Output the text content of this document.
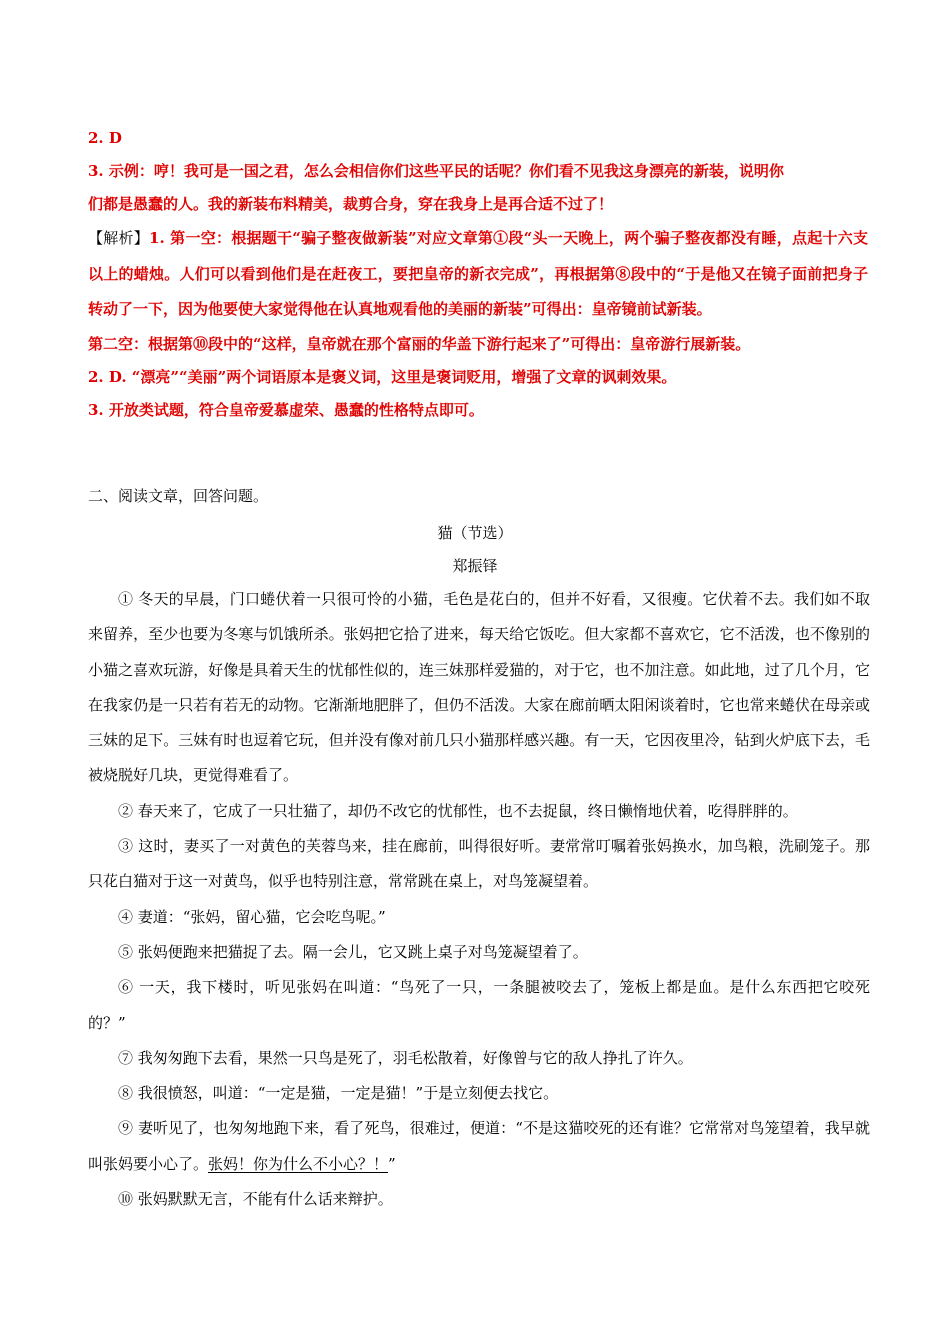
2. D
3. 示例：哼！我可是一国之君，怎么会相信你们这些平民的话呢？你们看不见我这身漂亮的新装，说明你
们都是愚蠢的人。我的新装布料精美，裁剪合身，穿在我身上是再合适不过了！
【解析】1. 第一空：根据题干“骗子整夜做新装”对应文章第①段“头一天晚上，两个骗子整夜都没有睡，点起十六支以上的蜡烛。人们可以看到他们是在赶夜工，要把皇帝的新衣完成”，再根据第⑧段中的“于是他又在镜子面前把身子转动了一下，因为他要使大家觉得他在认真地观看他的美丽的新装”可得出：皇帝镜前试新装。
第二空：根据第⑩段中的“这样，皇帝就在那个富丽的华盖下游行起来了”可得出：皇帝游行展新装。
2. D. “漂亮”“美丽”两个词语原本是褒义词，这里是褒词贬用，增强了文章的讽刺效果。
3. 开放类试题，符合皇帝爱慕虚荣、愚蠢的性格特点即可。
二、阅读文章，回答问题。
猫（节选）
郑振铎

① 冬天的早晨，门口蜷伏着一只很可怜的小猫，毛色是花白的，但并不好看，又很瘦。它伏着不去。我们如不取来留养，至少也要为冬寒与饥饿所杀。张妈把它拾了进来，每天给它饭吃。但大家都不喜欢它，它不活泼，也不像别的小猫之喜欢玩游，好像是具着天生的忧郁性似的，连三妹那样爱猫的，对于它，也不加注意。如此地，过了几个月，它在我家仍是一只若有若无的动物。它渐渐地肥胖了，但仍不活泼。大家在廊前晒太阳闲谈着时，它也常来蜷伏在母亲或三妹的足下。三妹有时也逗着它玩，但并没有像对前几只小猫那样感兴趣。有一天，它因夜里冷，钻到火炉底下去，毛被烧脱好几块，更觉得难看了。

② 春天来了，它成了一只壮猫了，却仍不改它的忧郁性，也不去捉鼠，终日懒惰地伏着，吃得胖胖的。

③ 这时，妻买了一对黄色的芙蓉鸟来，挂在廊前，叫得很好听。妻常常叮嘱着张妈换水，加鸟粮，洗刷笼子。那只花白猫对于这一对黄鸟，似乎也特别注意，常常跳在桌上，对鸟笼凝望着。

④ 妻道：“张妈，留心猫，它会吃鸟呢。”

⑤ 张妈便跑来把猫捉了去。隔一会儿，它又跳上桌子对鸟笼凝望着了。

⑥ 一天，我下楼时，听见张妈在叫道：“鸟死了一只，一条腿被咬去了，笼板上都是血。是什么东西把它咬死的？”

⑦ 我匆匆跑下去看，果然一只鸟是死了，羽毛松散着，好像曾与它的敌人挣扎了许久。

⑧ 我很愤怒，叫道：“一定是猫，一定是猫！”于是立刻便去找它。

⑨ 妻听见了，也匆匆地跑下来，看了死鸟，很难过，便道：“不是这猫咬死的还有谁？它常常对鸟笼望着，我早就叫张妈要小心了。张妈！你为什么不小心？！”

⑩ 张妈默默无言，不能有什么话来辩护。
